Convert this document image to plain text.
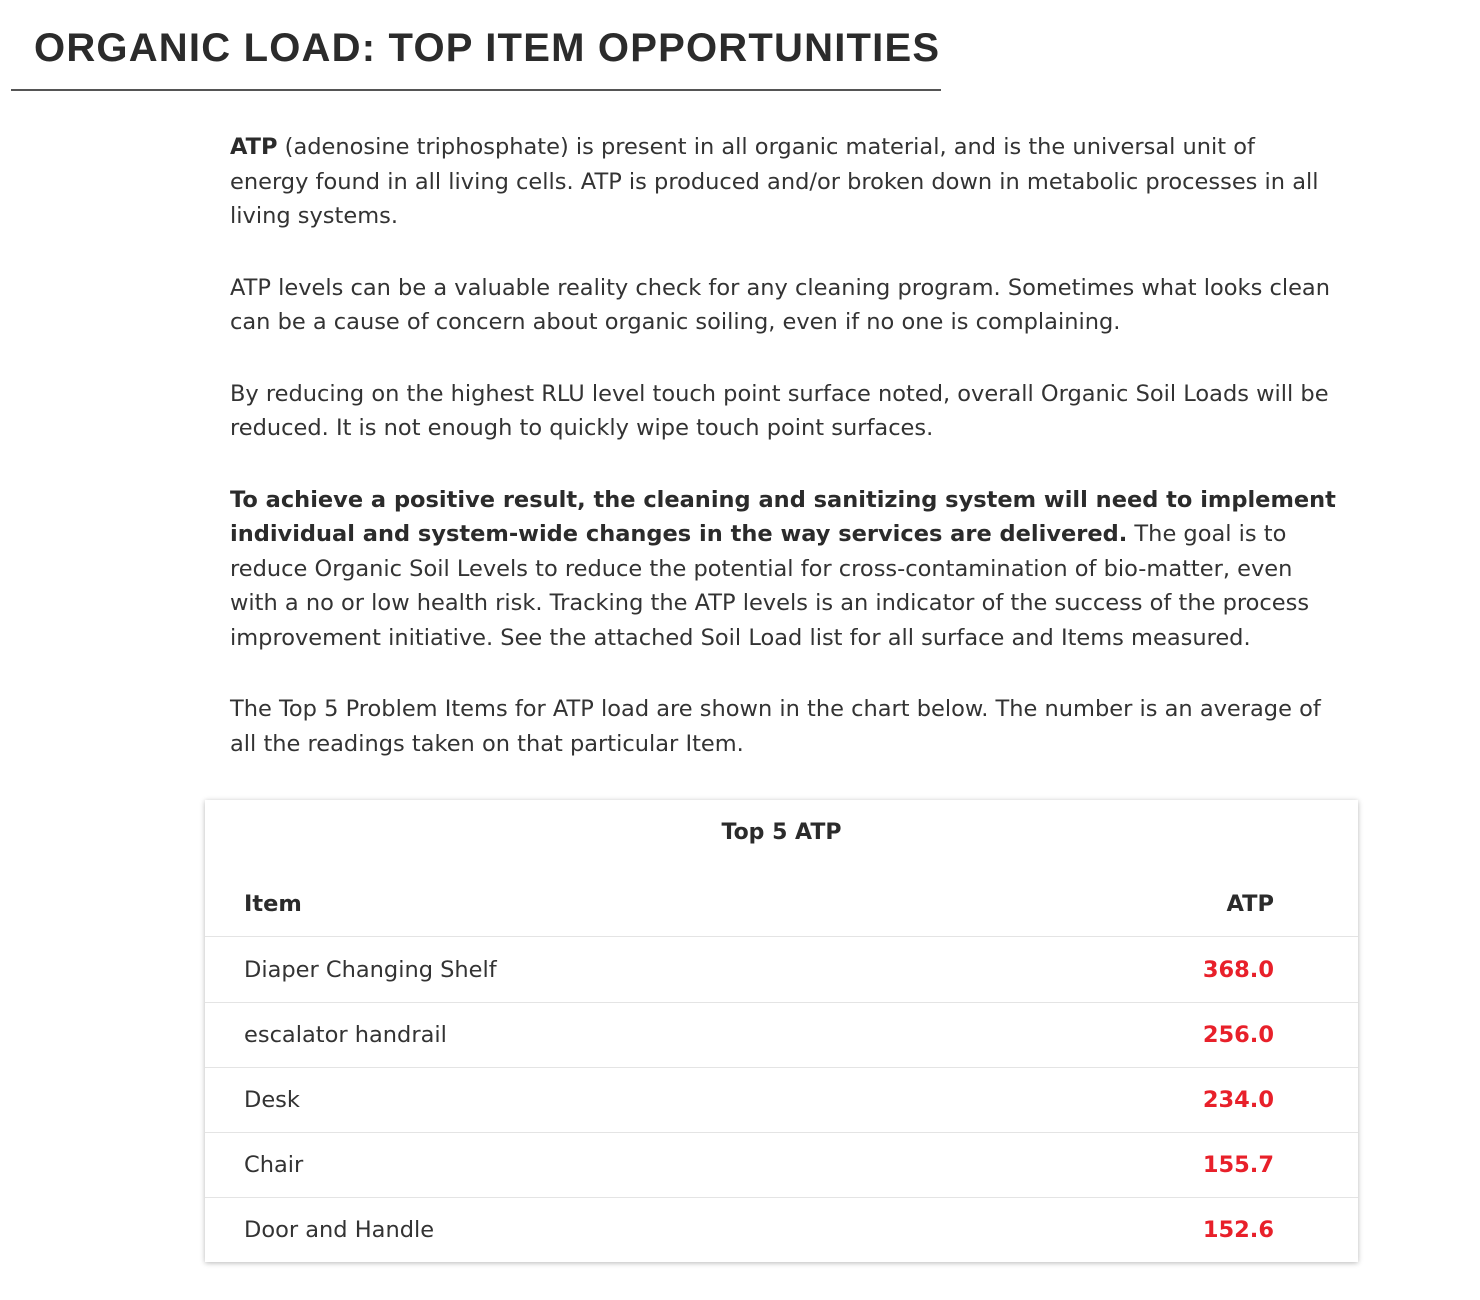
ORGANIC LOAD: TOP ITEM OPPORTUNITIES

ATP (adenosine triphosphate) is present in all organic material, and is the universal unit of energy found in all living cells. ATP is produced and/or broken down in metabolic processes in all living systems.

ATP levels can be a valuable reality check for any cleaning program. Sometimes what looks clean can be a cause of concern about organic soiling, even if no one is complaining.

By reducing on the highest RLU level touch point surface noted, overall Organic Soil Loads will be reduced. It is not enough to quickly wipe touch point surfaces.

To achieve a positive result, the cleaning and sanitizing system will need to implement individual and system-wide changes in the way services are delivered. The goal is to reduce Organic Soil Levels to reduce the potential for cross-contamination of bio-matter, even with a no or low health risk. Tracking the ATP levels is an indicator of the success of the process improvement initiative. See the attached Soil Load list for all surface and Items measured.

The Top 5 Problem Items for ATP load are shown in the chart below. The number is an average of all the readings taken on that particular Item.

Top 5 ATP
Item	ATP
Diaper Changing Shelf	368.0
escalator handrail	256.0
Desk	234.0
Chair	155.7
Door and Handle	152.6
